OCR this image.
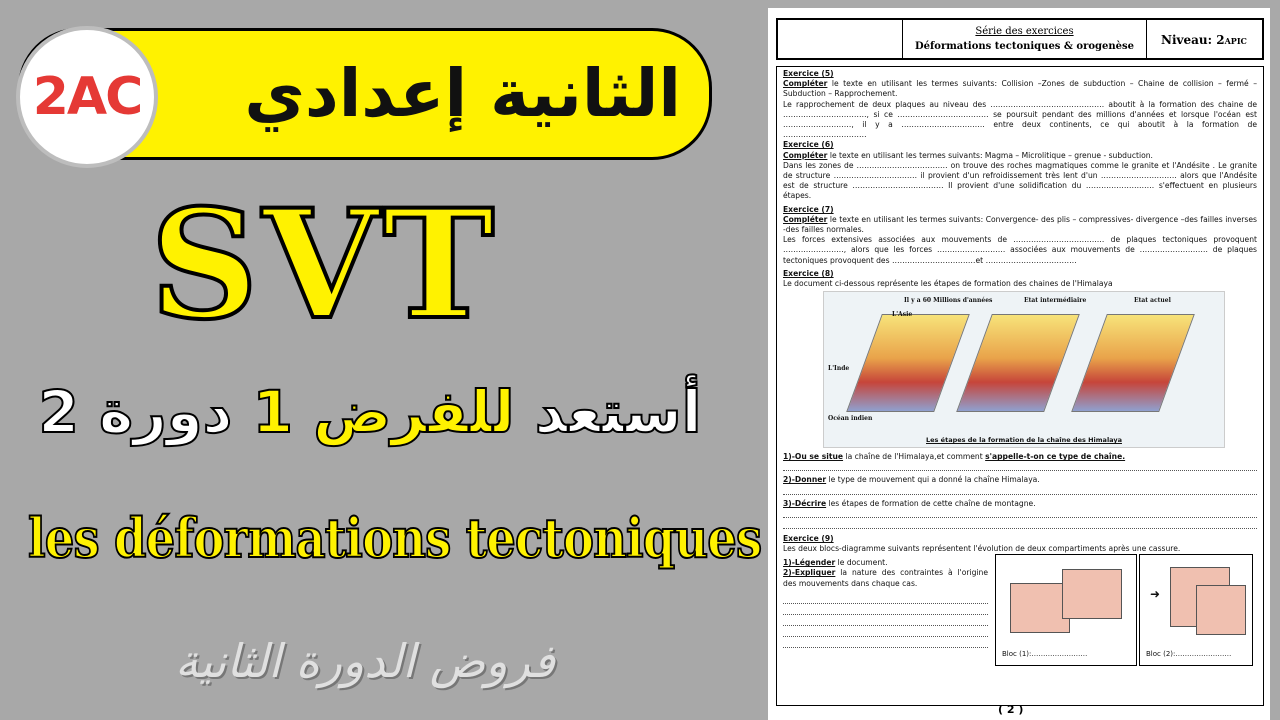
الثانية إعدادي
2AC
SVT
أستعد للفرض 1 دورة 2
les déformations tectoniques
فروض الدورة الثانية
Série des exercices
Déformations tectoniques & orogenèse	Niveau: 2APIC
Exercice (5)

Compléter le texte en utilisant les termes suivants: Collision –Zones de subduction – Chaine de collision – fermé – Subduction – Rapprochement.

Le rapprochement de deux plaques au niveau des ……………………………………… aboutit à la formation des chaine de ……………………………, si ce ……………………………… se poursuit pendant des millions d'années et lorsque l'océan est ………………………, il y a …………………………… entre deux continents, ce qui aboutit à la formation de ……………………………

Exercice (6)

Compléter le texte en utilisant les termes suivants: Magma – Microlitique – grenue - subduction.

Dans les zones de ……………………………… on trouve des roches magmatiques comme le granite et l'Andésite . Le granite de structure …………………………… il provient d'un refroidissement très lent d'un ………………………… alors que l'Andésite est de structure ……………………………… Il provient d'une solidification du ……………………… s'effectuent en plusieurs étapes.

Exercice (7)

Compléter le texte en utilisant les termes suivants: Convergence- des plis – compressives- divergence –des failles inverses -des failles normales.

Les forces extensives associées aux mouvements de ……………………………… de plaques tectoniques provoquent ……………………, alors que les forces ……………………… associées aux mouvements de ……………………… de plaques tectoniques provoquent des ……………………………et ………………………………

Exercice (8)

Le document ci-dessous représente les étapes de formation des chaines de l'Himalaya

Il y a 60 Millions d'années	Etat intermédiaire	Etat actuel
L'Asie
L'Inde
Océan indien
Les étapes de la formation de la chaîne des Himalaya

1)-Ou se situe la chaîne de l'Himalaya,et comment s'appelle-t-on ce type de chaîne.

2)-Donner le type de mouvement qui a donné la chaîne Himalaya.

3)-Décrire les étapes de formation de cette chaîne de montagne.

Exercice (9)

Les deux blocs-diagramme suivants représentent l'évolution de deux compartiments après une cassure.

1)-Légender le document.

2)-Expliquer la nature des contraintes à l'origine des mouvements dans chaque cas.

Bloc (1):……………………
➜
Bloc (2):……………………
( 2 )
